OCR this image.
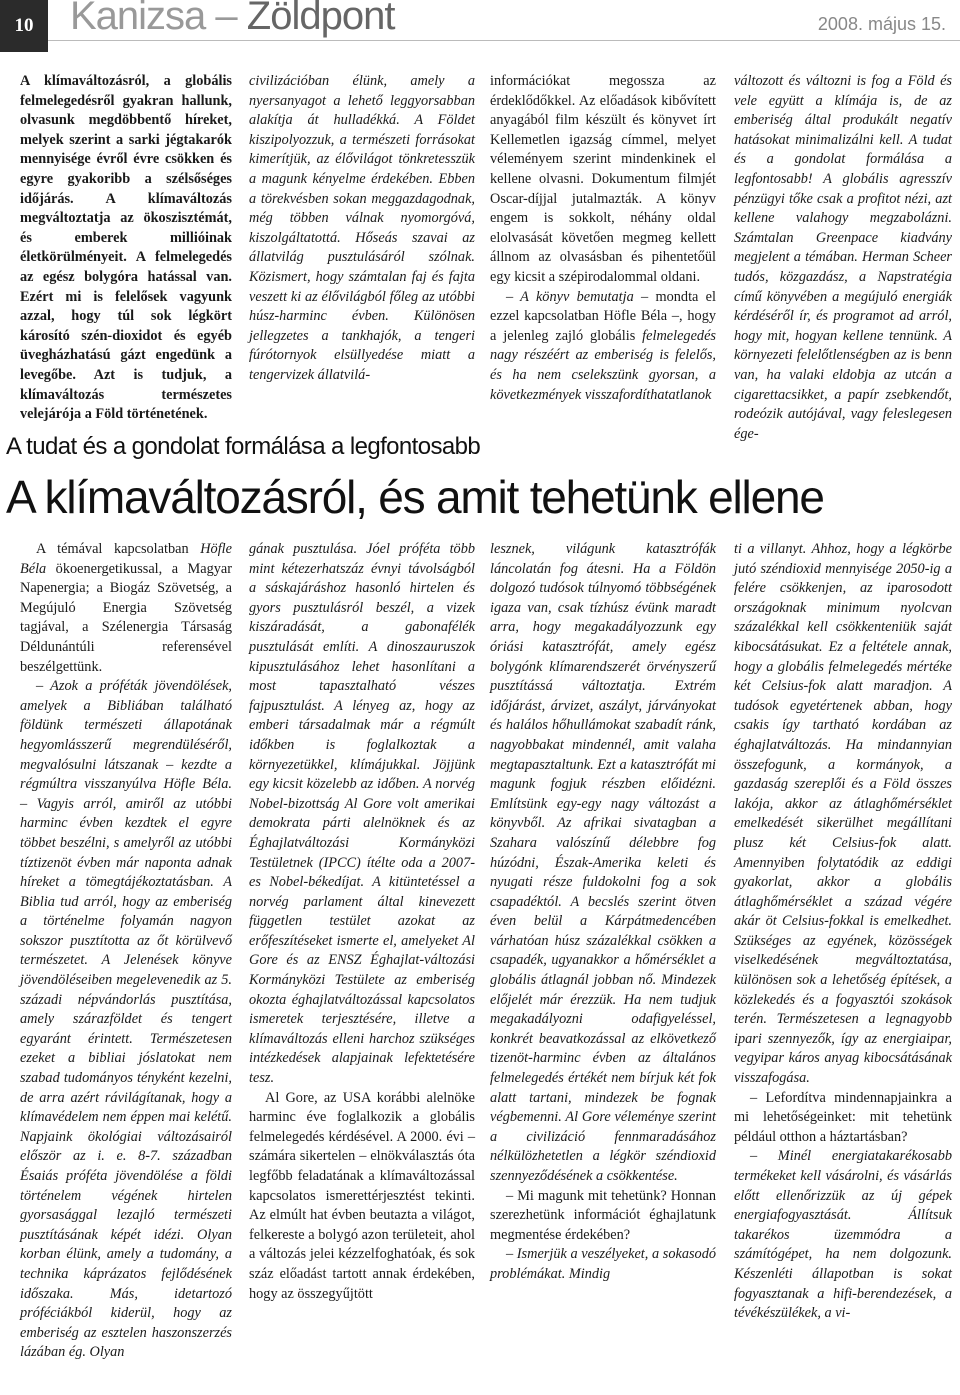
10 Kanizsa – Zöldpont	2008. május 15.

A klímaváltozásról, a globális felmelegedésről gyakran hallunk, olvasunk megdöbbentő híreket, melyek szerint a sarki jégtakarók mennyisége évről évre csökken és egyre gyakoribb a szélsőséges időjárás. A klímaváltozás megváltoztatja az ökoszisztémát, és emberek millióinak életkörülményeit. A felmelegedés az egész bolygóra hatással van. Ezért mi is felelősek vagyunk azzal, hogy túl sok légkört károsító szén-dioxidot és egyéb üvegházhatású gázt engedünk a levegőbe. Azt is tudjuk, a klímaváltozás természetes velejárója a Föld történetének.

civilizációban élünk, amely a nyersanyagot a lehető leggyorsabban alakítja át hulladékká. A Földet kiszipolyozzuk, a természeti forrásokat kimerítjük, az élővilágot tönkretesszük a magunk kényelme érdekében. Ebben a törekvésben sokan meggazdagodnak, még többen válnak nyomorgóvá, kiszolgáltatottá. Hőseás szavai az állatvilág pusztulásáról szólnak. Közismert, hogy számtalan faj és fajta veszett ki az élővilágból főleg az utóbbi húsz-harminc évben. Különösen jellegzetes a tankhajók, a tengeri fúrótornyok elsüllyedése miatt a tengervizek állatvilá-

információkat megossza az érdeklődőkkel. Az előadások kibővített anyagából film készült és könyvet írt Kellemetlen igazság címmel, melyet véleményem szerint mindenkinek el kellene olvasni. Dokumentum filmjét Oscar-díjjal jutalmazták. A könyv engem is sokkolt, néhány oldal elolvasását követően megmeg kellett állnom az olvasásban és pihentetőül egy kicsit a szépirodalommal oldani.

– A könyv bemutatja – mondta el ezzel kapcsolatban Höfle Béla –, hogy a jelenleg zajló globális felmelegedés nagy részéért az emberiség is felelős, és ha nem cselekszünk gyorsan, a következmények visszafordíthatatlanok

változott és változni is fog a Föld és vele együtt a klímája is, de az emberiség által produkált negatív hatásokat minimalizálni kell. A tudat és a gondolat formálása a legfontosabb! A globális agresszív pénzügyi tőke csak a profitot nézi, azt kellene valahogy megzabolázni. Számtalan Greenpace kiadvány megjelent a témában. Herman Scheer tudós, közgazdász, a Napstratégia című könyvében a megújuló energiák kérdéséről ír, és programot ad arról, hogy mit, hogyan kellene tennünk. A környezeti felelőtlenségben az is benn van, ha valaki eldobja az utcán a cigarettacsikket, a papír zsebkendőt, rodeózik autójával, vagy feleslegesen ége-

A tudat és a gondolat formálása a legfontosabb
A klímaváltozásról, és amit tehetünk ellene

A témával kapcsolatban Höfle Béla ökoenergetikussal, a Magyar Napenergia; a Biogáz Szövetség, a Megújuló Energia Szövetség tagjával, a Szélenergia Társaság Déldunántúli referensével beszélgettünk.

– Azok a próféták jövendölések, amelyek a Bibliában található földünk természeti állapotának hegyomlásszerű megrendüléséről, megvalósulni látszanak – kezdte a régmúltra visszanyúlva Höfle Béla. – Vagyis arról, amiről az utóbbi harminc évben kezdtek el egyre többet beszélni, s amelyről az utóbbi tíztizenöt évben már naponta adnak híreket a tömegtájékoztatásban. A Biblia tud arról, hogy az emberiség a történelme folyamán nagyon sokszor pusztította az őt körülvevő természetet. A Jelenések könyve jövendöléseiben megelevenedik az 5. századi népvándorlás pusztítása, amely szárazföldet és tengert egyaránt érintett. Természetesen ezeket a bibliai jóslatokat nem szabad tudományos tényként kezelni, de arra azért rávilágítanak, hogy a klímavédelem nem éppen mai kelétű. Napjaink ökológiai változásairól először az i. e. 8-7. században Ésaiás próféta jövendölése a földi történelem végének hirtelen gyorsasággal lezajló természeti pusztításának képét idézi. Olyan korban élünk, amely a tudomány, a technika káprázatos fejlődésének időszaka. Más, idetartozó próféciákból kiderül, hogy az emberiség az esztelen haszonszerzés lázában ég. Olyan

gának pusztulása. Jóel próféta több mint kétezerhatszáz évnyi távolságból a sáskajáráshoz hasonló hirtelen és gyors pusztulásról beszél, a vizek kiszáradását, a gabonafélék pusztulását említi. A dinoszauruszok kipusztulásához lehet hasonlítani a most tapasztalható vészes fajpusztulást. A lényeg az, hogy az emberi társadalmak már a régmúlt időkben is foglalkoztak a környezetükkel, klímájukkal. Jöjjünk egy kicsit közelebb az időben. A norvég Nobel-bizottság Al Gore volt amerikai demokrata párti alelnöknek és az Éghajlatváltozási Kormányközi Testületnek (IPCC) ítélte oda a 2007-es Nobel-békedíjat. A kitüntetéssel a norvég parlament által kinevezett független testület azokat az erőfeszítéseket ismerte el, amelyeket Al Gore és az ENSZ Éghajlat-változási Kormányközi Testülete az emberiség okozta éghajlatváltozással kapcsolatos ismeretek terjesztésére, illetve a klímaváltozás elleni harchoz szükséges intézkedések alapjainak lefektetésére tesz.

Al Gore, az USA korábbi alelnöke harminc éve foglalkozik a globális felmelegedés kérdésével. A 2000. évi – számára sikertelen – elnökválasztás óta legfőbb feladatának a klímaváltozással kapcsolatos ismerettérjesztést tekinti. Az elmúlt hat évben beutazta a világot, felkereste a bolygó azon területeit, ahol a változás jelei kézzelfoghatóak, és sok száz előadást tartott annak érdekében, hogy az összegyűjtött

lesznek, világunk katasztrófák láncolatán fog átesni. Ha a Földön dolgozó tudósok túlnyomó többségének igaza van, csak tízhúsz évünk maradt arra, hogy megakadályozzunk egy óriási katasztrófát, amely egész bolygónk klímarendszerét örvényszerű pusztítássá változtatja. Extrém időjárást, árvizet, aszályt, járványokat és halálos hőhullámokat szabadít ránk, nagyobbakat mindennél, amit valaha megtapasztaltunk. Ezt a katasztrófát mi magunk fogjuk részben előidézni. Említsünk egy-egy nagy változást a könyvből. Az afrikai sivatagban a Szahara valószínű délebbre fog húzódni, Észak-Amerika keleti és nyugati része fuldokolni fog a sok csapadéktól. A becslés szerint ötven éven belül a Kárpátmedencében várhatóan húsz százalékkal csökken a csapadék, ugyanakkor a hőmérséklet a globális átlagnál jobban nő. Mindezek előjelét már érezzük. Ha nem tudjuk megakadályozni odafigyeléssel, konkrét beavatkozással az elkövetkező tizenöt-harminc évben az általános felmelegedés értékét nem bírjuk két fok alatt tartani, mindezek be fognak végbemenni. Al Gore véleménye szerint a civilizáció fennmaradásához nélkülözhetetlen a légkör széndioxid szennyeződésének a csökkentése.

– Mi magunk mit tehetünk? Honnan szerezhetünk információt éghajlatunk megmentése érdekében?

– Ismerjük a veszélyeket, a sokasodó problémákat. Mindig

ti a villanyt. Ahhoz, hogy a légkörbe jutó széndioxid mennyisége 2050-ig a felére csökkenjen, az iparosodott országoknak minimum nyolcvan százalékkal kell csökkenteniük saját kibocsátásukat. Ez a feltétele annak, hogy a globális felmelegedés mértéke két Celsius-fok alatt maradjon. A tudósok egyetértenek abban, hogy csakis így tartható kordában az éghajlatváltozás. Ha mindannyian összefogunk, a kormányok, a gazdaság szereplői és a Föld összes lakója, akkor az átlaghőmérséklet emelkedését sikerülhet megállítani plusz két Celsius-fok alatt. Amennyiben folytatódik az eddigi gyakorlat, akkor a globális átlaghőmérséklet a század végére akár öt Celsius-fokkal is emelkedhet. Szükséges az egyének, közösségek viselkedésének megváltoztatása, különösen sok a lehetőség építések, a közlekedés és a fogyasztói szokások terén. Természetesen a legnagyobb ipari szennyezők, így az energiaipar, vegyipar káros anyag kibocsátásának visszafogása.

– Lefordítva mindennapjainkra a mi lehetőségeinket: mit tehetünk például otthon a háztartásban?

– Minél energiatakarékosabb termékeket kell vásárolni, és vásárlás előtt ellenőrizzük az új gépek energiafogyasztását. Állítsuk takarékos üzemmódra a számítógépet, ha nem dolgozunk. Készenléti állapotban is sokat fogyasztanak a hifi-berendezések, a tévékészülékek, a vi-
